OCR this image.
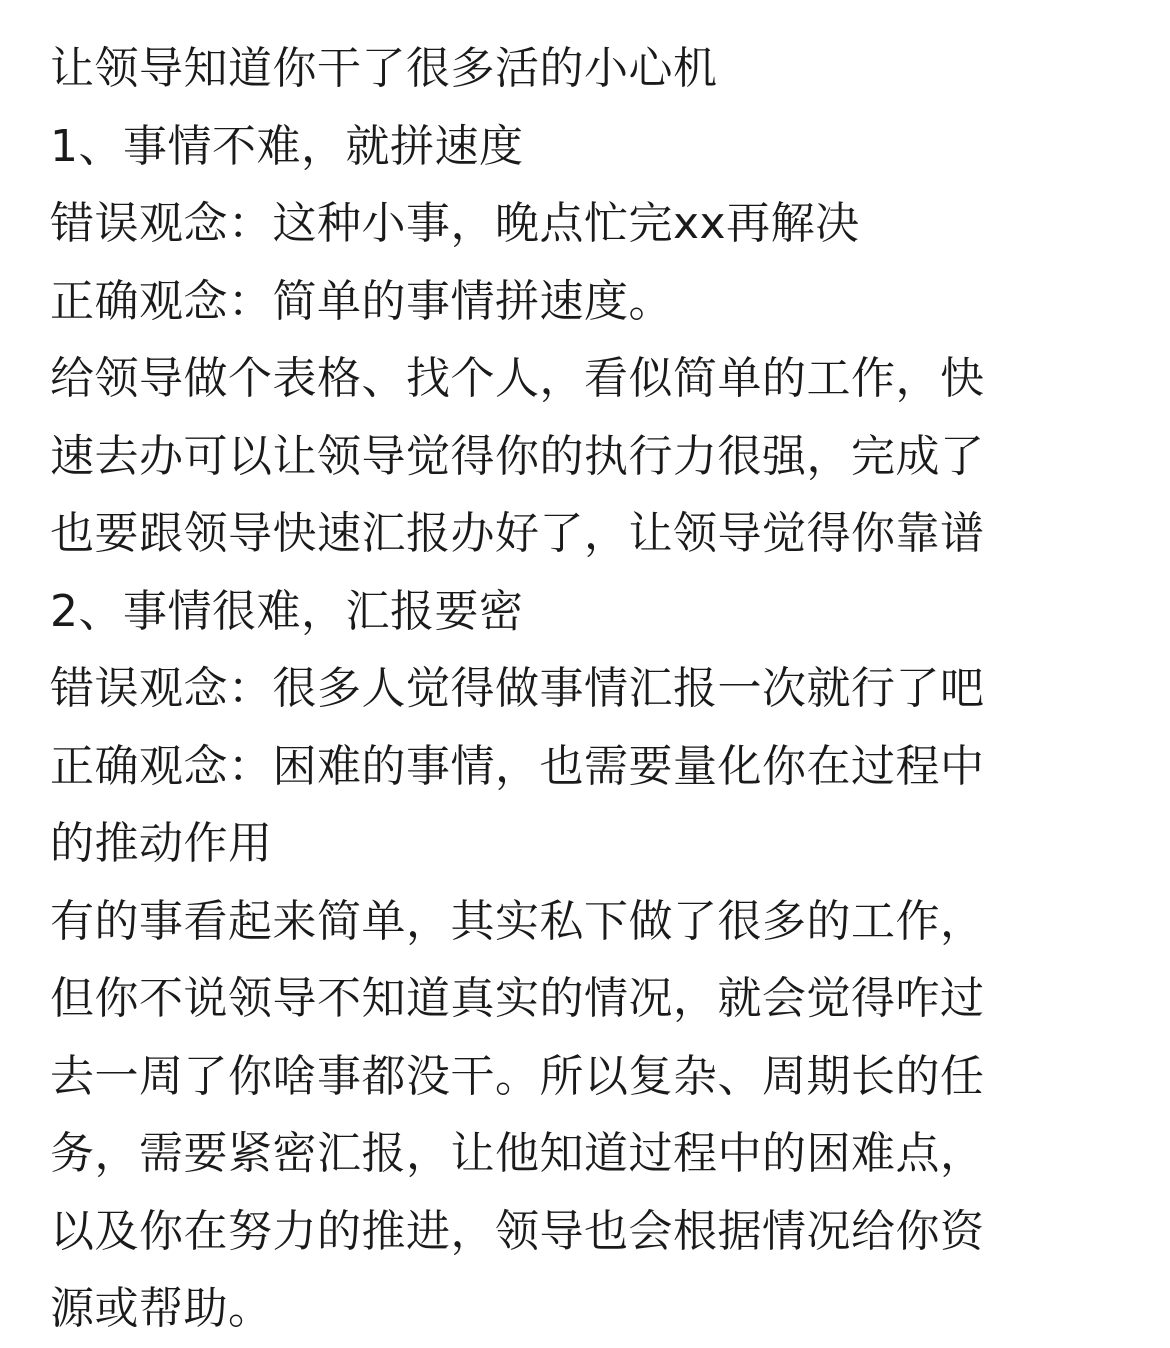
让领导知道你干了很多活的小心机
1、事情不难，就拼速度
错误观念：这种小事，晚点忙完xx再解决
正确观念：简单的事情拼速度。
给领导做个表格、找个人，看似简单的工作，快
速去办可以让领导觉得你的执行力很强，完成了
也要跟领导快速汇报办好了，让领导觉得你靠谱
2、事情很难，汇报要密
错误观念：很多人觉得做事情汇报一次就行了吧
正确观念：困难的事情，也需要量化你在过程中
的推动作用
有的事看起来简单，其实私下做了很多的工作，
但你不说领导不知道真实的情况，就会觉得咋过
去一周了你啥事都没干。所以复杂、周期长的任
务，需要紧密汇报，让他知道过程中的困难点，
以及你在努力的推进，领导也会根据情况给你资
源或帮助。
